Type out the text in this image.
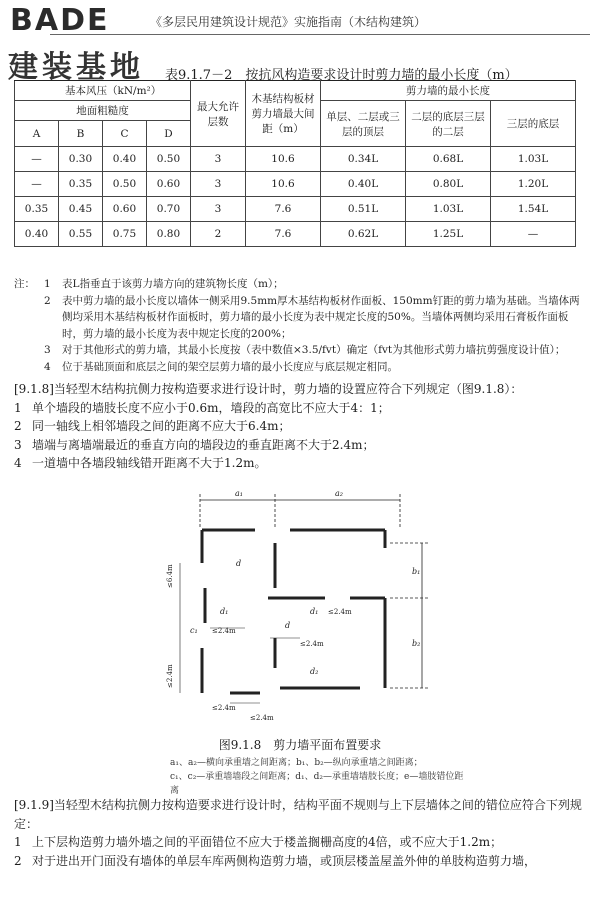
BADE	《多层民用建筑设计规范》实施指南（木结构建筑）
建装基地 表9.1.7－2　按抗风构造要求设计时剪力墙的最小长度（m）
基本风压（kN/m²）				最大允许层数	木基结构板材剪力墙最大间距（m）	剪力墙的最小长度		
地面粗糙度						单层、二层或三层的顶层	二层的底层三层的二层	三层的底层
A	B	C	D					
—	0.30	0.40	0.50	3	10.6	0.34L	0.68L	1.03L
—	0.35	0.50	0.60	3	10.6	0.40L	0.80L	1.20L
0.35	0.45	0.60	0.70	3	7.6	0.51L	1.03L	1.54L
0.40	0.55	0.75	0.80	2	7.6	0.62L	1.25L	—
注： 1	表L指垂直于该剪力墙方向的建筑物长度（m）；
2	表中剪力墙的最小长度以墙体一侧采用9.5mm厚木基结构板材作面板、150mm钉距的剪力墙为基础。当墙体两侧均采用木基结构板材作面板时，剪力墙的最小长度为表中规定长度的50%。当墙体两侧均采用石膏板作面板时，剪力墙的最小长度为表中规定长度的200%；
3	对于其他形式的剪力墙，其最小长度按（表中数值×3.5/fvt）确定（fvt为其他形式剪力墙抗剪强度设计值）；
4	位于基础顶面和底层之间的架空层剪力墙的最小长度应与底层规定相同。
[9.1.8]当轻型木结构抗侧力按构造要求进行设计时，剪力墙的设置应符合下列规定（图9.1.8）：
1 单个墙段的墙肢长度不应小于0.6m，墙段的高宽比不应大于4：1；
2 同一轴线上相邻墙段之间的距离不应大于6.4m；
3 墙端与离墙端最近的垂直方向的墙段边的垂直距离不大于2.4m；
4 一道墙中各墙段轴线错开距离不大于1.2m。
a₁	a₂
b₁
b₂
d
d₁	d₁
d
d₂
c₁ ≤2.4m
≤2.4m
≤2.4m
≤2.4m
≤2.4m
≤6.4m
≤2.4m
图9.1.8　剪力墙平面布置要求
a₁、a₂—横向承重墙之间距离；b₁、b₂—纵向承重墙之间距离；
c₁、c₂—承重墙墙段之间距离；d₁、d₂—承重墙墙肢长度；e—墙肢错位距离
[9.1.9]当轻型木结构抗侧力按构造要求进行设计时，结构平面不规则与上下层墙体之间的错位应符合下列规定：
1 上下层构造剪力墙外墙之间的平面错位不应大于楼盖搁栅高度的4倍，或不应大于1.2m；
2 对于进出开门面没有墙体的单层车库两侧构造剪力墙，或顶层楼盖屋盖外伸的单肢构造剪力墙，
